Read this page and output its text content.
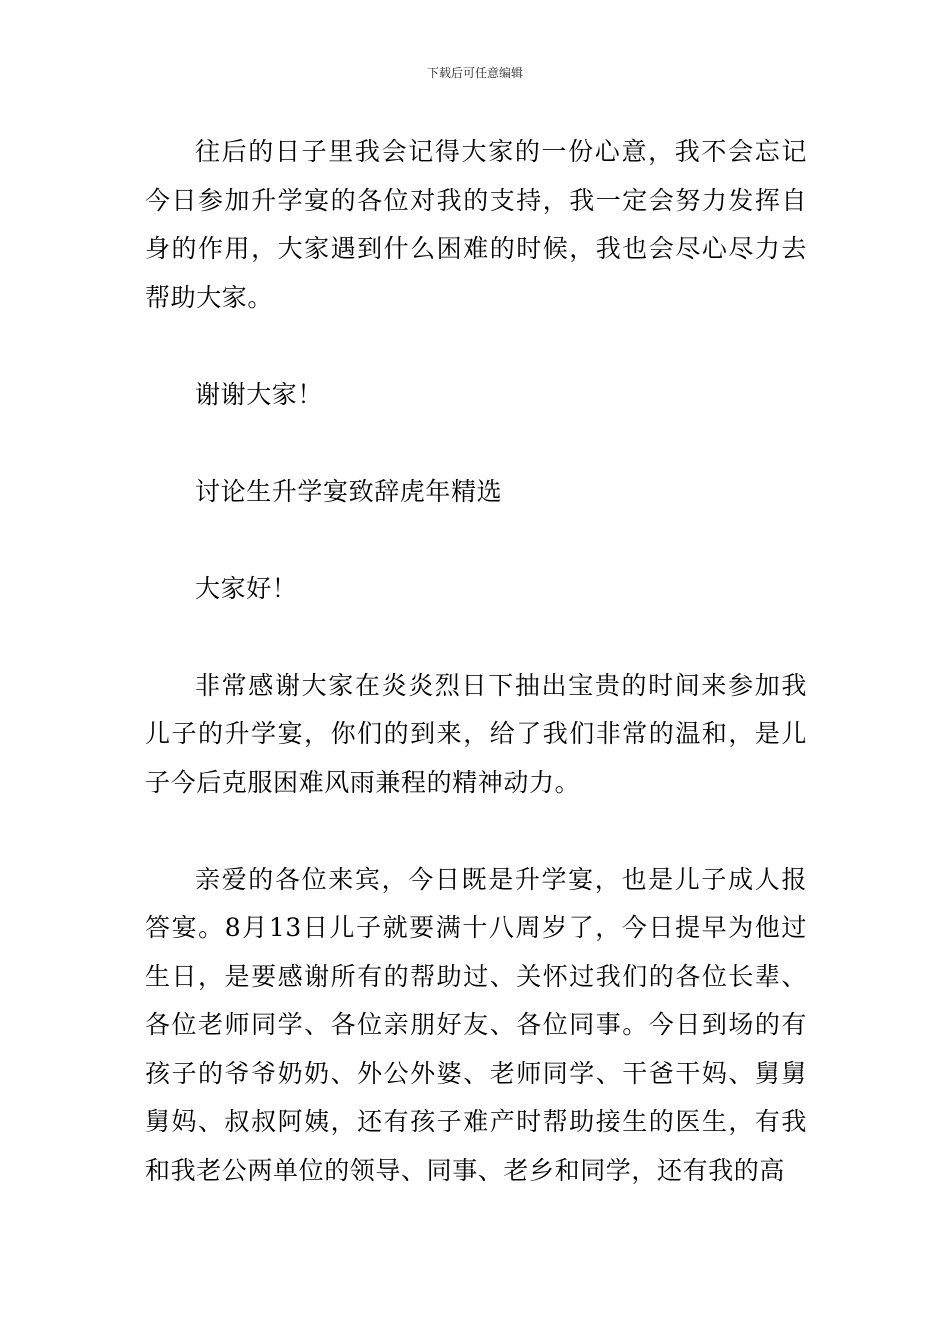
下载后可任意编辑

往后的日子里我会记得大家的一份心意，我不会忘记今日参加升学宴的各位对我的支持，我一定会努力发挥自身的作用，大家遇到什么困难的时候，我也会尽心尽力去帮助大家。

谢谢大家！

讨论生升学宴致辞虎年精选

大家好！

非常感谢大家在炎炎烈日下抽出宝贵的时间来参加我儿子的升学宴，你们的到来，给了我们非常的温和，是儿子今后克服困难风雨兼程的精神动力。

亲爱的各位来宾，今日既是升学宴，也是儿子成人报答宴。8月13日儿子就要满十八周岁了，今日提早为他过生日，是要感谢所有的帮助过、关怀过我们的各位长辈、各位老师同学、各位亲朋好友、各位同事。今日到场的有孩子的爷爷奶奶、外公外婆、老师同学、干爸干妈、舅舅舅妈、叔叔阿姨，还有孩子难产时帮助接生的医生，有我和我老公两单位的领导、同事、老乡和同学，还有我的高
